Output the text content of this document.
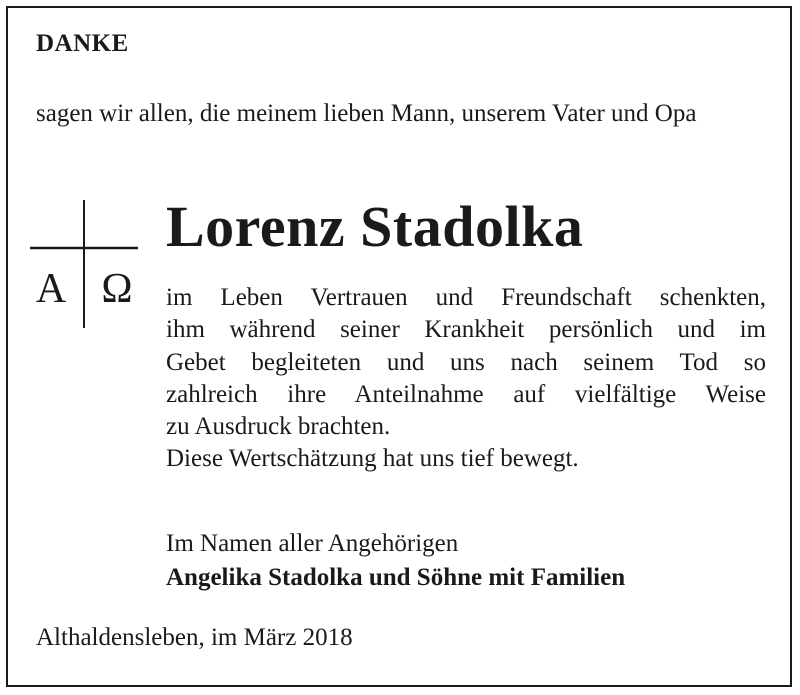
DANKE
sagen wir allen, die meinem lieben Mann, unserem Vater und Opa
A Ω
Lorenz Stadolka
im Leben Vertrauen und Freundschaft schenkten,
ihm während seiner Krankheit persönlich und im
Gebet begleiteten und uns nach seinem Tod so
zahlreich ihre Anteilnahme auf vielfältige Weise
zu Ausdruck brachten.
Diese Wertschätzung hat uns tief bewegt.
Im Namen aller Angehörigen
Angelika Stadolka und Söhne mit Familien
Althaldensleben, im März 2018
